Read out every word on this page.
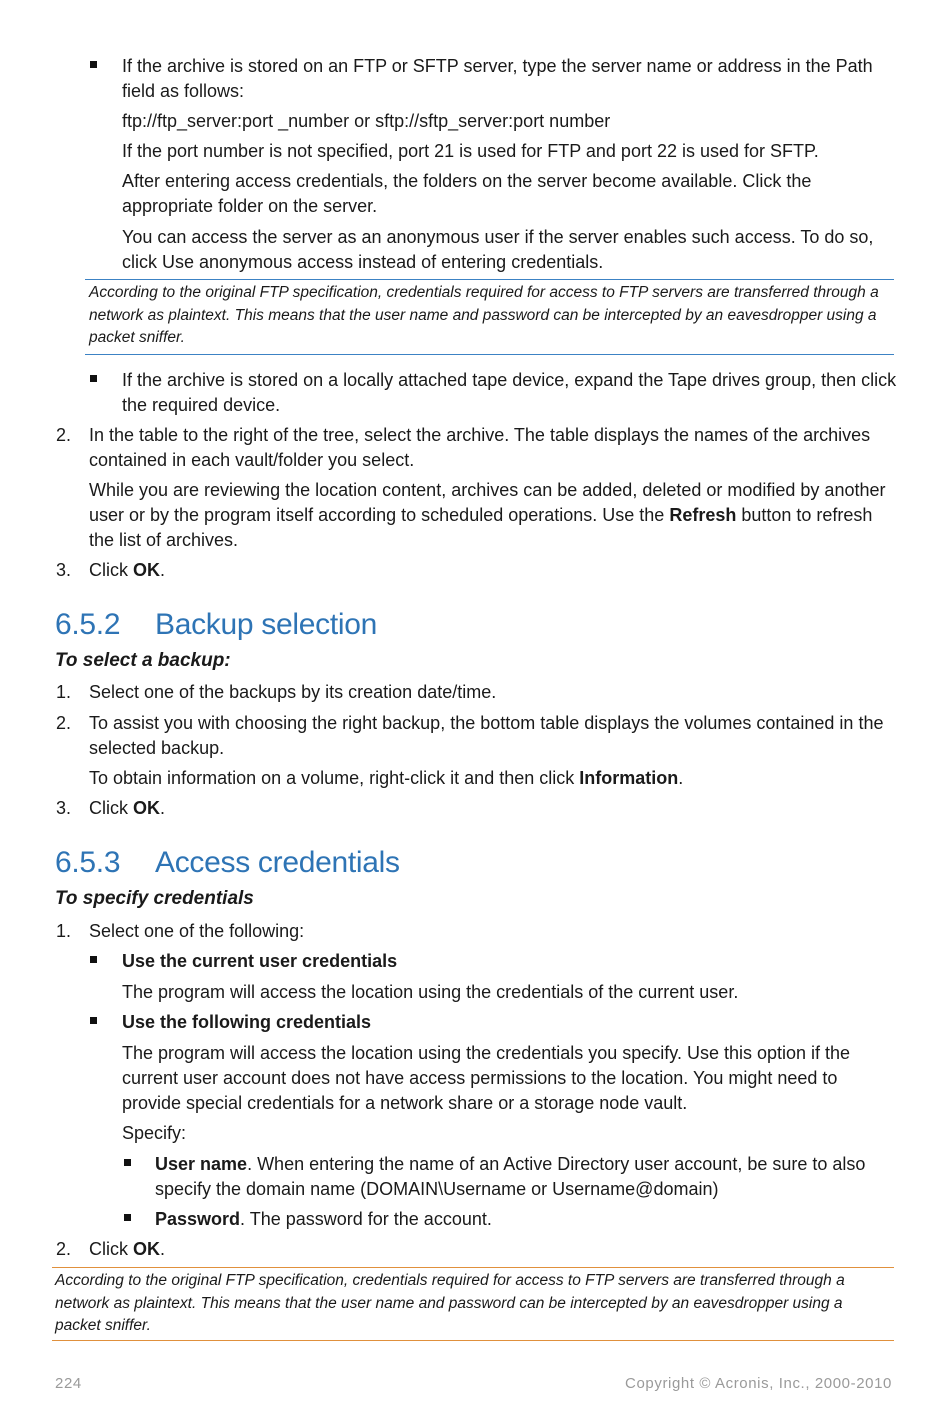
If the archive is stored on an FTP or SFTP server, type the server name or address in the Path field as follows:

ftp://ftp_server:port _number or sftp://sftp_server:port number

If the port number is not specified, port 21 is used for FTP and port 22 is used for SFTP.

After entering access credentials, the folders on the server become available. Click the appropriate folder on the server.

You can access the server as an anonymous user if the server enables such access. To do so, click Use anonymous access instead of entering credentials.

According to the original FTP specification, credentials required for access to FTP servers are transferred through a network as plaintext. This means that the user name and password can be intercepted by an eavesdropper using a packet sniffer.

If the archive is stored on a locally attached tape device, expand the Tape drives group, then click the required device.

2. In the table to the right of the tree, select the archive. The table displays the names of the archives contained in each vault/folder you select.

While you are reviewing the location content, archives can be added, deleted or modified by another user or by the program itself according to scheduled operations. Use the Refresh button to refresh the list of archives.

3. Click OK.

6.5.2 Backup selection

To select a backup:

1. Select one of the backups by its creation date/time.

2. To assist you with choosing the right backup, the bottom table displays the volumes contained in the selected backup.

To obtain information on a volume, right-click it and then click Information.

3. Click OK.

6.5.3 Access credentials

To specify credentials

1. Select one of the following:

Use the current user credentials

The program will access the location using the credentials of the current user.

Use the following credentials

The program will access the location using the credentials you specify. Use this option if the current user account does not have access permissions to the location. You might need to provide special credentials for a network share or a storage node vault.

Specify:

User name. When entering the name of an Active Directory user account, be sure to also specify the domain name (DOMAIN\Username or Username@domain)

Password. The password for the account.

2. Click OK.

According to the original FTP specification, credentials required for access to FTP servers are transferred through a network as plaintext. This means that the user name and password can be intercepted by an eavesdropper using a packet sniffer.

224	Copyright © Acronis, Inc., 2000-2010
